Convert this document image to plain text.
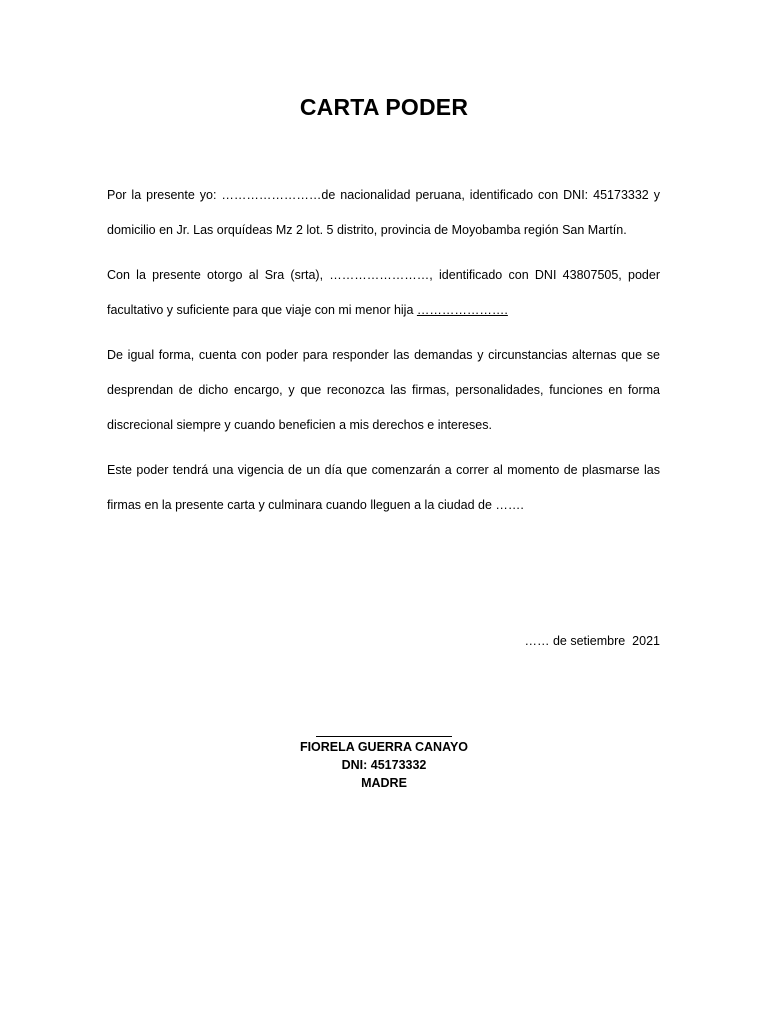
CARTA PODER
Por la presente yo: ……………………de nacionalidad peruana, identificado con DNI: 45173332 y
domicilio en Jr. Las orquídeas Mz 2 lot. 5 distrito, provincia de Moyobamba región San Martín.
Con la presente otorgo al Sra (srta), ……………………, identificado con DNI 43807505, poder
facultativo y suficiente para que viaje con mi menor hija ………………….
De igual forma, cuenta con poder para responder las demandas y circunstancias alternas que se
desprendan de dicho encargo, y que reconozca las firmas, personalidades, funciones en forma
discrecional siempre y cuando beneficien a mis derechos e intereses.
Este poder tendrá una vigencia de un día que comenzarán a correr al momento de plasmarse las
firmas en la presente carta y culminara cuando lleguen a la ciudad de …….
…… de setiembre  2021
FIORELA GUERRA CANAYO
DNI: 45173332
MADRE
